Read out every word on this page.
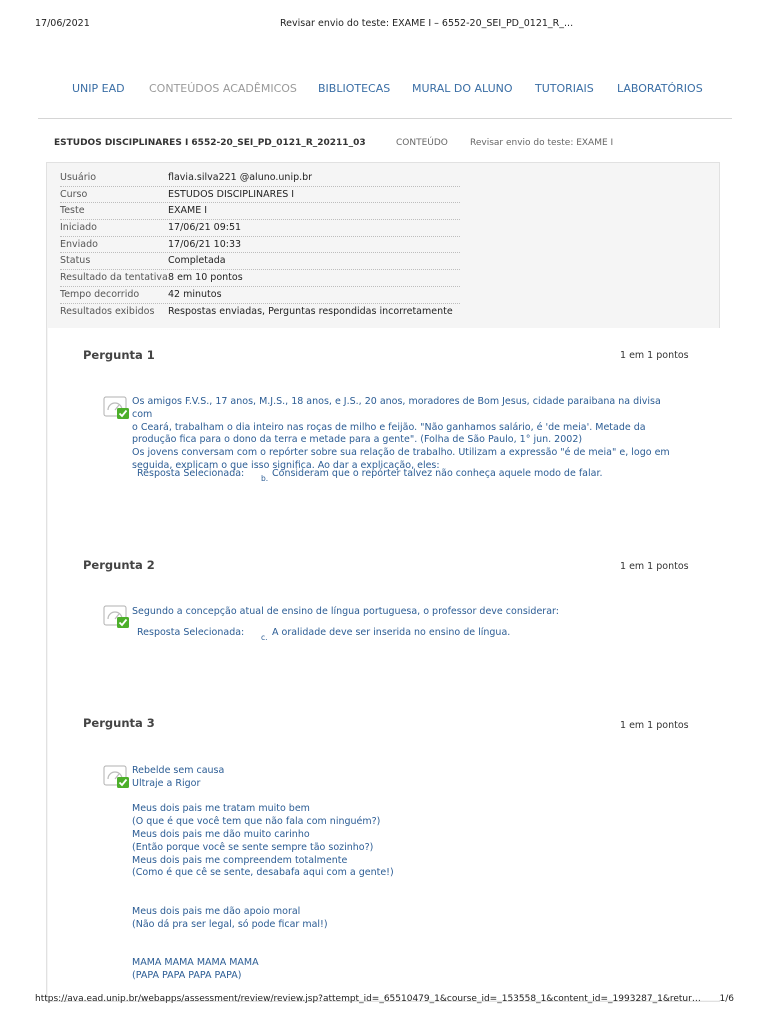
17/06/2021	Revisar envio do teste: EXAME I – 6552-20_SEI_PD_0121_R_...
UNIP EAD CONTEÚDOS ACADÊMICOS BIBLIOTECAS MURAL DO ALUNO TUTORIAIS LABORATÓRIOS
ESTUDOS DISCIPLINARES I 6552-20_SEI_PD_0121_R_20211_03	CONTEÚDO Revisar envio do teste: EXAME I
Usuário	flavia.silva221 @aluno.unip.br
Curso	ESTUDOS DISCIPLINARES I
Teste	EXAME I
Iniciado	17/06/21 09:51
Enviado	17/06/21 10:33
Status	Completada
Resultado da tentativa 8 em 10 pontos
Tempo decorrido	42 minutos
Resultados exibidos Respostas enviadas, Perguntas respondidas incorretamente
Pergunta 1	1 em 1 pontos
Os amigos F.V.S., 17 anos, M.J.S., 18 anos, e J.S., 20 anos, moradores de Bom Jesus, cidade paraibana na divisa com
o Ceará, trabalham o dia inteiro nas roças de milho e feijão. "Não ganhamos salário, é 'de meia'. Metade da
produção fica para o dono da terra e metade para a gente". (Folha de São Paulo, 1° jun. 2002)
Os jovens conversam com o repórter sobre sua relação de trabalho. Utilizam a expressão "é de meia" e, logo em
seguida, explicam o que isso significa. Ao dar a explicação, eles:
Resposta Selecionada: b. Consideram que o repórter talvez não conheça aquele modo de falar.
Pergunta 2	1 em 1 pontos
Segundo a concepção atual de ensino de língua portuguesa, o professor deve considerar:
Resposta Selecionada: c. A oralidade deve ser inserida no ensino de língua.
Pergunta 3	1 em 1 pontos
Rebelde sem causa
Ultraje a Rigor
Meus dois pais me tratam muito bem
(O que é que você tem que não fala com ninguém?)
Meus dois pais me dão muito carinho
(Então porque você se sente sempre tão sozinho?)
Meus dois pais me compreendem totalmente
(Como é que cê se sente, desabafa aqui com a gente!)
Meus dois pais me dão apoio moral
(Não dá pra ser legal, só pode ficar mal!)
MAMA MAMA MAMA MAMA
(PAPA PAPA PAPA PAPA)
https://ava.ead.unip.br/webapps/assessment/review/review.jsp?attempt_id=_65510479_1&course_id=_153558_1&content_id=_1993287_1&retur… 1/6
